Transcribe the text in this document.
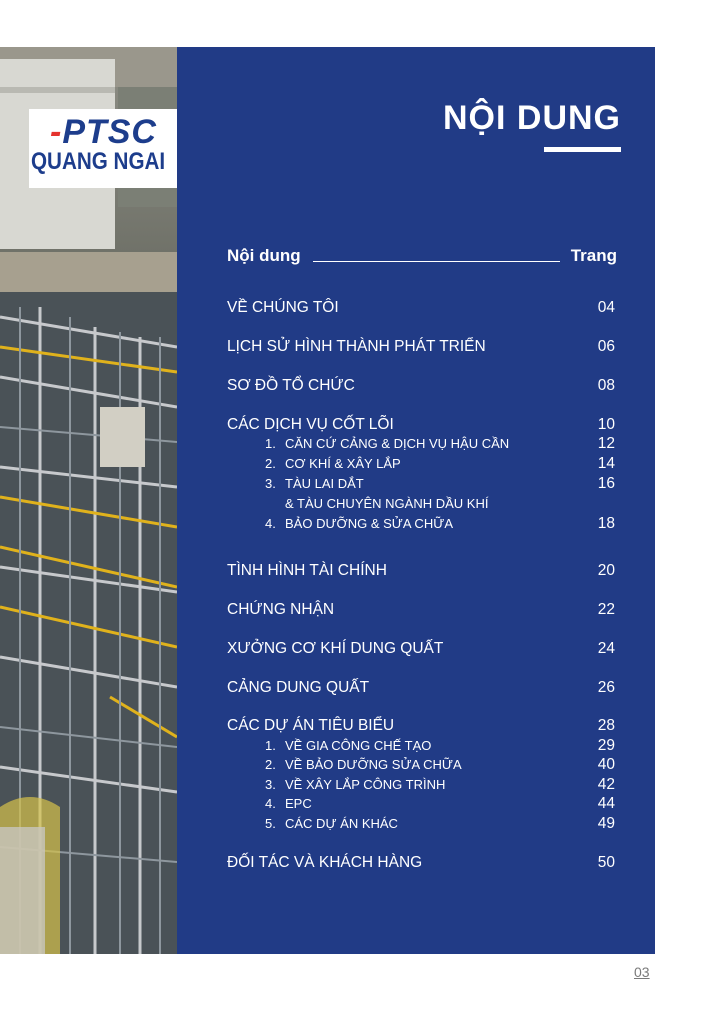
-PTSC
QUANG NGAI
NỘI DUNG
Nội dung	Trang
VỀ CHÚNG TÔI	04
LỊCH SỬ HÌNH THÀNH PHÁT TRIỂN	06
SƠ ĐỒ TỔ CHỨC	08
CÁC DỊCH VỤ CỐT LÕI	10
1. CĂN CỨ CẢNG & DỊCH VỤ HẬU CẦN	12
2. CƠ KHÍ & XÂY LẮP	14
3. TÀU LAI DẮT	16
& TÀU CHUYÊN NGÀNH DẦU KHÍ
4. BẢO DƯỠNG & SỬA CHỮA	18
TÌNH HÌNH TÀI CHÍNH	20
CHỨNG NHẬN	22
XƯỞNG CƠ KHÍ DUNG QUẤT	24
CẢNG DUNG QUẤT	26
CÁC DỰ ÁN TIÊU BIỂU	28
1. VỀ GIA CÔNG CHẾ TẠO	29
2. VỀ BẢO DƯỠNG SỬA CHỮA	40
3. VỀ XÂY LẮP CÔNG TRÌNH	42
4. EPC	44
5. CÁC DỰ ÁN KHÁC	49
ĐỐI TÁC VÀ KHÁCH HÀNG	50
03
